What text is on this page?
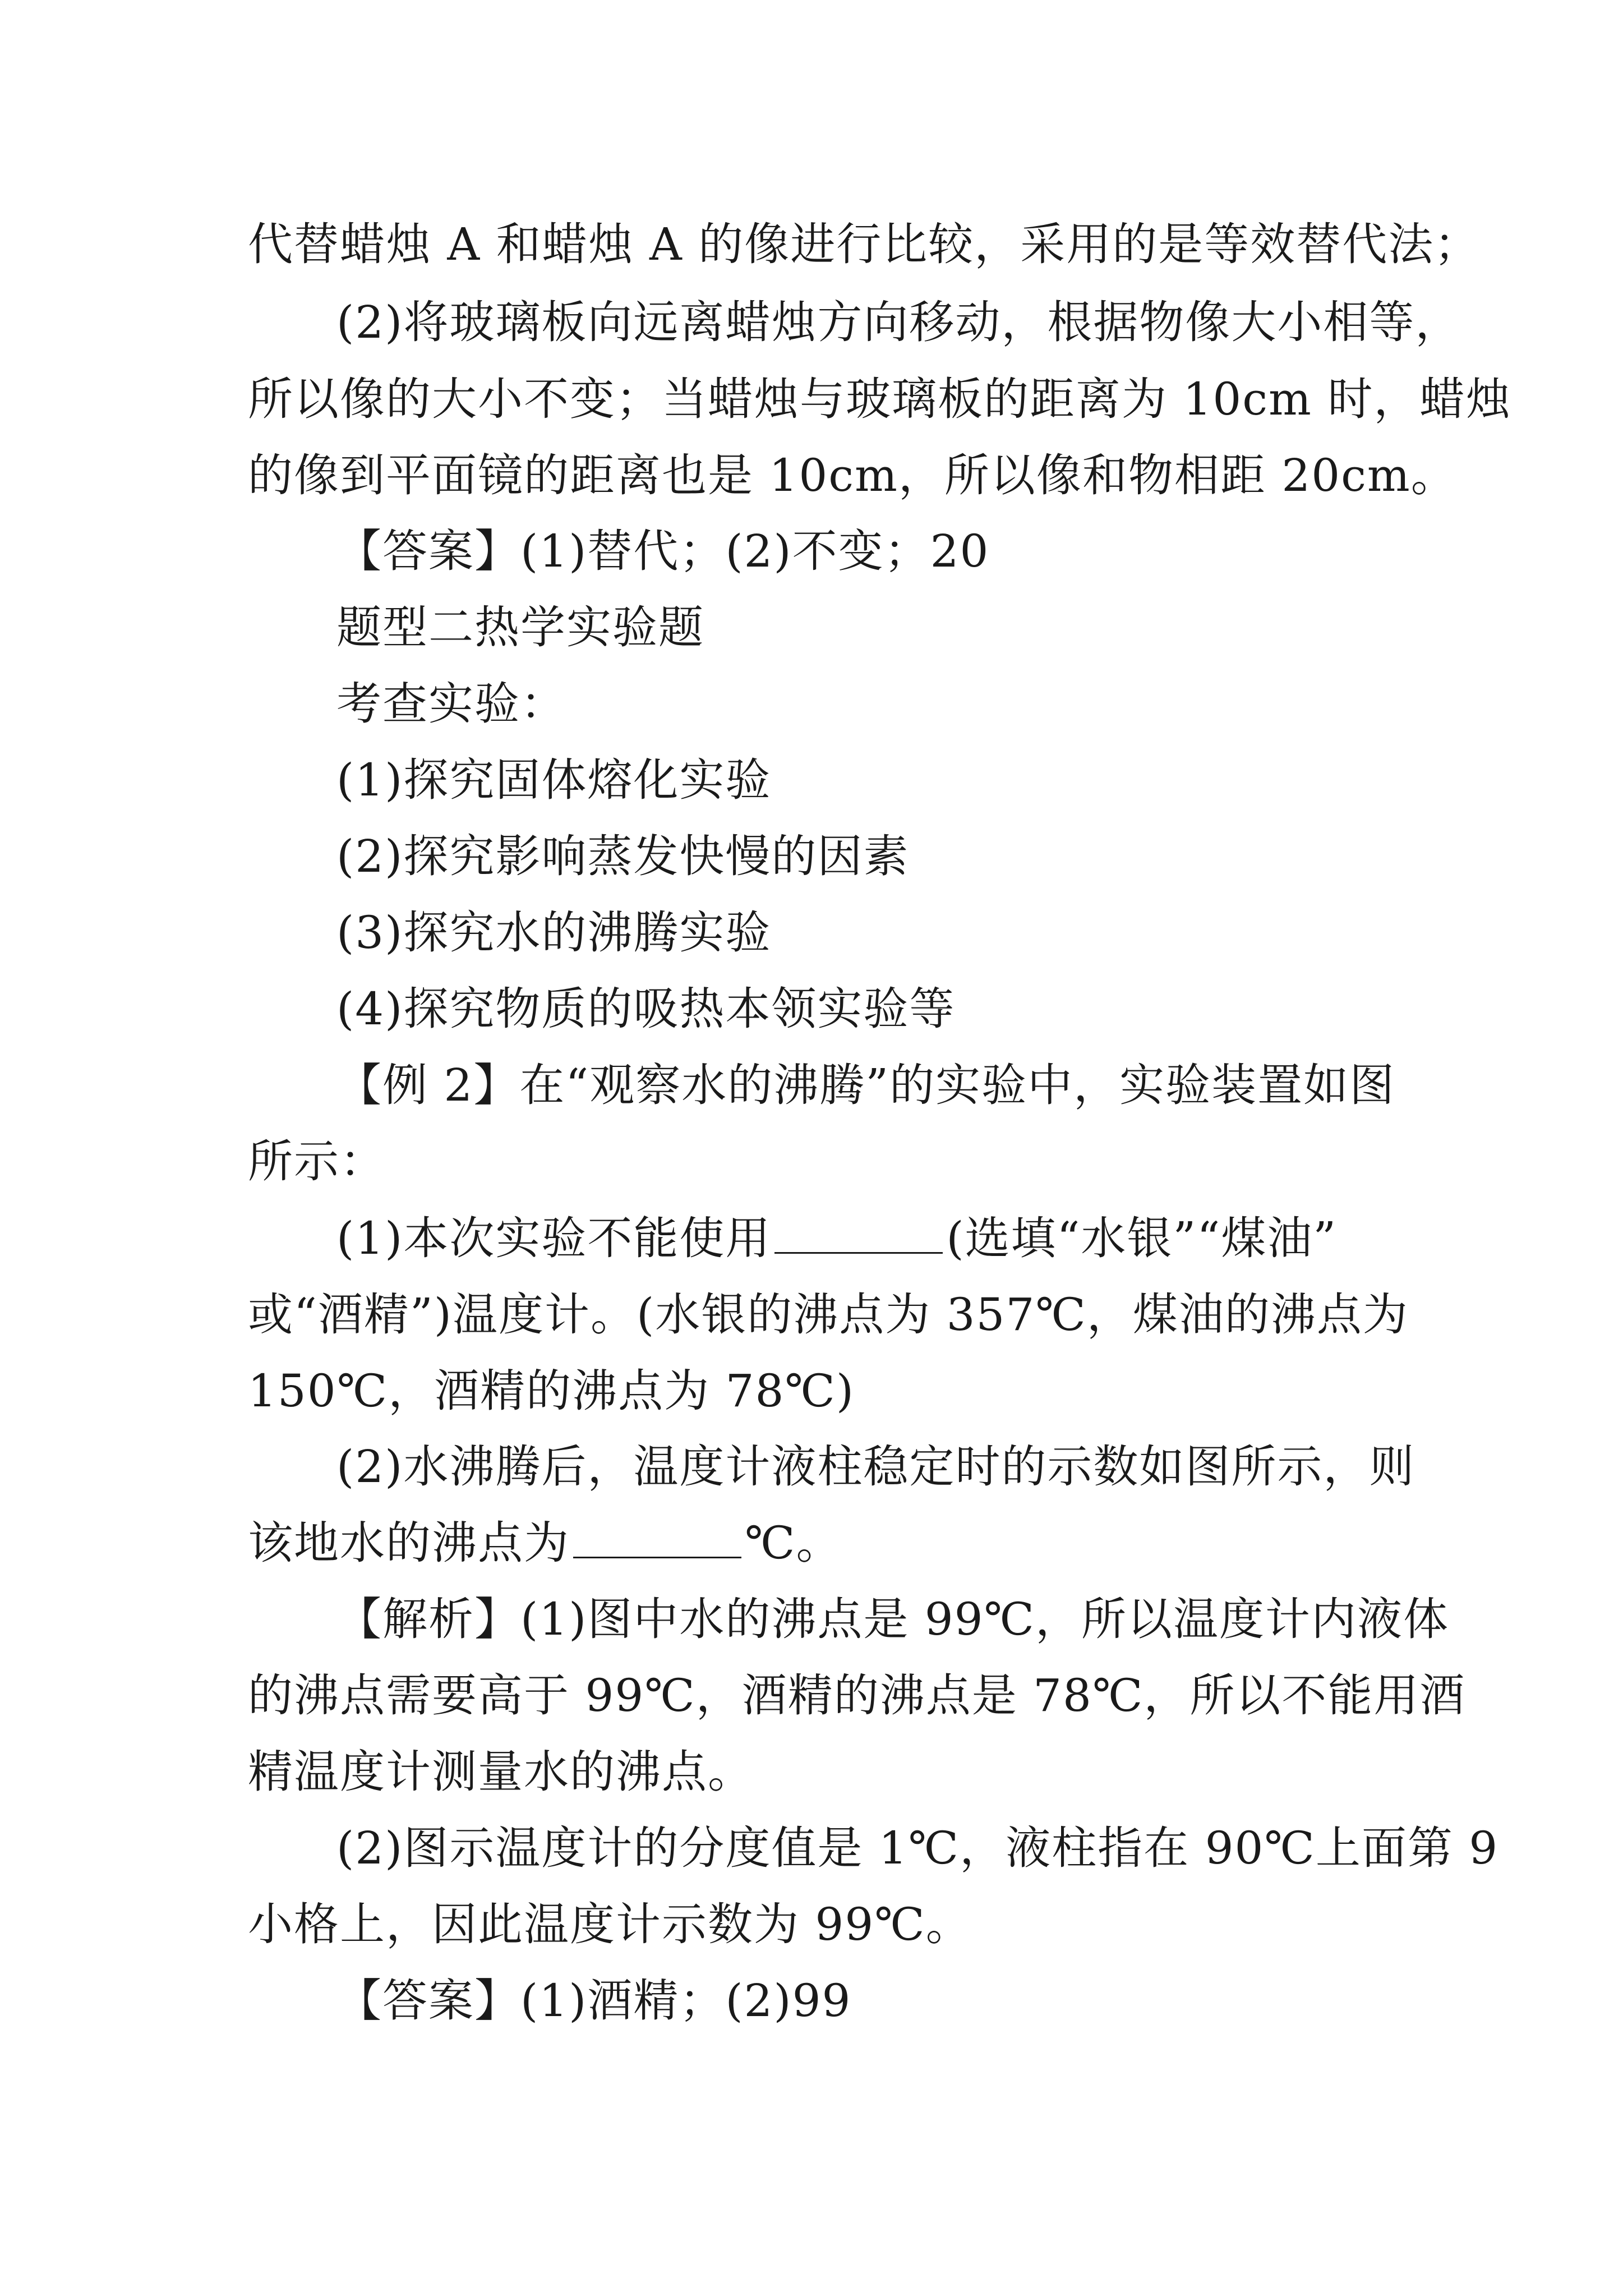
代替蜡烛 A 和蜡烛 A 的像进行比较，采用的是等效替代法；
(2)将玻璃板向远离蜡烛方向移动，根据物像大小相等，
所以像的大小不变；当蜡烛与玻璃板的距离为 10cm 时，蜡烛
的像到平面镜的距离也是 10cm，所以像和物相距 20cm。
【答案】(1)替代；(2)不变；20
题型二热学实验题
考查实验：
(1)探究固体熔化实验
(2)探究影响蒸发快慢的因素
(3)探究水的沸腾实验
(4)探究物质的吸热本领实验等
【例 2】在“观察水的沸腾”的实验中，实验装置如图
所示：
(1)本次实验不能使用	(选填“水银”“煤油”
或“酒精”)温度计。(水银的沸点为 357℃，煤油的沸点为
150℃，酒精的沸点为 78℃)
(2)水沸腾后，温度计液柱稳定时的示数如图所示，则
该地水的沸点为	℃。
【解析】(1)图中水的沸点是 99℃，所以温度计内液体
的沸点需要高于 99℃，酒精的沸点是 78℃，所以不能用酒
精温度计测量水的沸点。
(2)图示温度计的分度值是 1℃，液柱指在 90℃上面第 9
小格上，因此温度计示数为 99℃。
【答案】(1)酒精；(2)99
